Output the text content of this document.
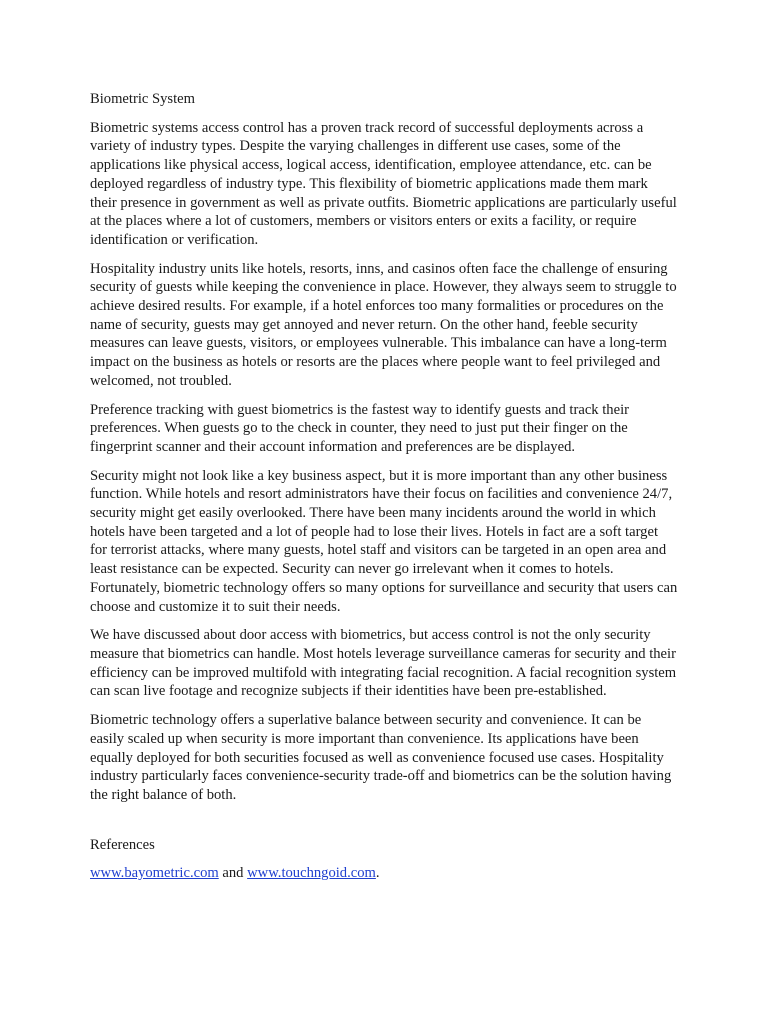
Biometric System

Biometric systems access control has a proven track record of successful deployments across a variety of industry types. Despite the varying challenges in different use cases, some of the applications like physical access, logical access, identification, employee attendance, etc. can be deployed regardless of industry type. This flexibility of biometric applications made them mark their presence in government as well as private outfits. Biometric applications are particularly useful at the places where a lot of customers, members or visitors enters or exits a facility, or require identification or verification.

Hospitality industry units like hotels, resorts, inns, and casinos often face the challenge of ensuring security of guests while keeping the convenience in place. However, they always seem to struggle to achieve desired results. For example, if a hotel enforces too many formalities or procedures on the name of security, guests may get annoyed and never return. On the other hand, feeble security measures can leave guests, visitors, or employees vulnerable. This imbalance can have a long-term impact on the business as hotels or resorts are the places where people want to feel privileged and welcomed, not troubled.

Preference tracking with guest biometrics is the fastest way to identify guests and track their preferences. When guests go to the check in counter, they need to just put their finger on the fingerprint scanner and their account information and preferences are be displayed.

Security might not look like a key business aspect, but it is more important than any other business function. While hotels and resort administrators have their focus on facilities and convenience 24/7, security might get easily overlooked. There have been many incidents around the world in which hotels have been targeted and a lot of people had to lose their lives. Hotels in fact are a soft target for terrorist attacks, where many guests, hotel staff and visitors can be targeted in an open area and least resistance can be expected. Security can never go irrelevant when it comes to hotels. Fortunately, biometric technology offers so many options for surveillance and security that users can choose and customize it to suit their needs.

We have discussed about door access with biometrics, but access control is not the only security measure that biometrics can handle. Most hotels leverage surveillance cameras for security and their efficiency can be improved multifold with integrating facial recognition. A facial recognition system can scan live footage and recognize subjects if their identities have been pre-established.

Biometric technology offers a superlative balance between security and convenience. It can be easily scaled up when security is more important than convenience. Its applications have been equally deployed for both securities focused as well as convenience focused use cases. Hospitality industry particularly faces convenience-security trade-off and biometrics can be the solution having the right balance of both.

References

www.bayometric.com and www.touchngoid.com.
